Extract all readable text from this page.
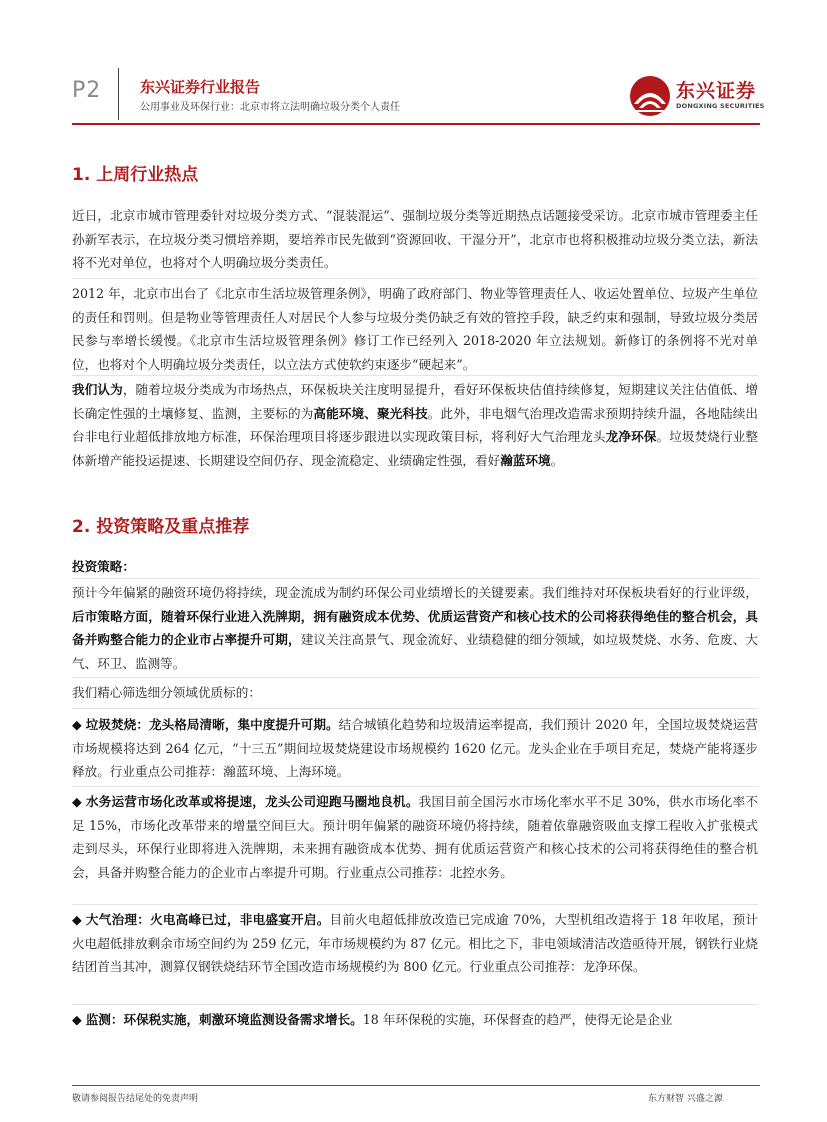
P2	东兴证券行业报告
公用事业及环保行业：北京市将立法明确垃圾分类个人责任
东兴证券
DONGXING SECURITIES
1. 上周行业热点
近日，北京市城市管理委针对垃圾分类方式、“混装混运”、强制垃圾分类等近期热点话题接受采访。北京市城市管理委主任孙新军表示，在垃圾分类习惯培养期，要培养市民先做到“资源回收、干湿分开”，北京市也将积极推动垃圾分类立法，新法将不光对单位，也将对个人明确垃圾分类责任。
2012 年，北京市出台了《北京市生活垃圾管理条例》，明确了政府部门、物业等管理责任人、收运处置单位、垃圾产生单位的责任和罚则。但是物业等管理责任人对居民个人参与垃圾分类仍缺乏有效的管控手段，缺乏约束和强制，导致垃圾分类居民参与率增长缓慢。《北京市生活垃圾管理条例》修订工作已经列入 2018-2020 年立法规划。新修订的条例将不光对单位，也将对个人明确垃圾分类责任，以立法方式使软约束逐步“硬起来”。
我们认为，随着垃圾分类成为市场热点，环保板块关注度明显提升，看好环保板块估值持续修复，短期建议关注估值低、增长确定性强的土壤修复、监测，主要标的为高能环境、聚光科技。此外，非电烟气治理改造需求预期持续升温，各地陆续出台非电行业超低排放地方标准，环保治理项目将逐步跟进以实现政策目标，将利好大气治理龙头龙净环保。垃圾焚烧行业整体新增产能投运提速、长期建设空间仍存、现金流稳定、业绩确定性强，看好瀚蓝环境。
2. 投资策略及重点推荐
投资策略：
预计今年偏紧的融资环境仍将持续，现金流成为制约环保公司业绩增长的关键要素。我们维持对环保板块看好的行业评级，后市策略方面，随着环保行业进入洗牌期，拥有融资成本优势、优质运营资产和核心技术的公司将获得绝佳的整合机会，具备并购整合能力的企业市占率提升可期，建议关注高景气、现金流好、业绩稳健的细分领域，如垃圾焚烧、水务、危废、大气、环卫、监测等。
我们精心筛选细分领域优质标的：
◆ 垃圾焚烧：龙头格局清晰，集中度提升可期。结合城镇化趋势和垃圾清运率提高，我们预计 2020 年，全国垃圾焚烧运营市场规模将达到 264 亿元，“十三五”期间垃圾焚烧建设市场规模约 1620 亿元。龙头企业在手项目充足，焚烧产能将逐步释放。行业重点公司推荐：瀚蓝环境、上海环境。
◆ 水务运营市场化改革或将提速，龙头公司迎跑马圈地良机。我国目前全国污水市场化率水平不足 30%，供水市场化率不足 15%，市场化改革带来的增量空间巨大。预计明年偏紧的融资环境仍将持续，随着依靠融资吸血支撑工程收入扩张模式走到尽头，环保行业即将进入洗牌期，未来拥有融资成本优势、拥有优质运营资产和核心技术的公司将获得绝佳的整合机会，具备并购整合能力的企业市占率提升可期。行业重点公司推荐：北控水务。
◆ 大气治理：火电高峰已过，非电盛宴开启。目前火电超低排放改造已完成逾 70%，大型机组改造将于 18 年收尾，预计火电超低排放剩余市场空间约为 259 亿元，年市场规模约为 87 亿元。相比之下，非电领域清洁改造亟待开展，钢铁行业烧结团首当其冲，测算仅钢铁烧结环节全国改造市场规模约为 800 亿元。行业重点公司推荐：龙净环保。
◆ 监测：环保税实施，刺激环境监测设备需求增长。18 年环保税的实施，环保督查的趋严，使得无论是企业
敬请参阅报告结尾处的免责声明	东方财智 兴盛之源
